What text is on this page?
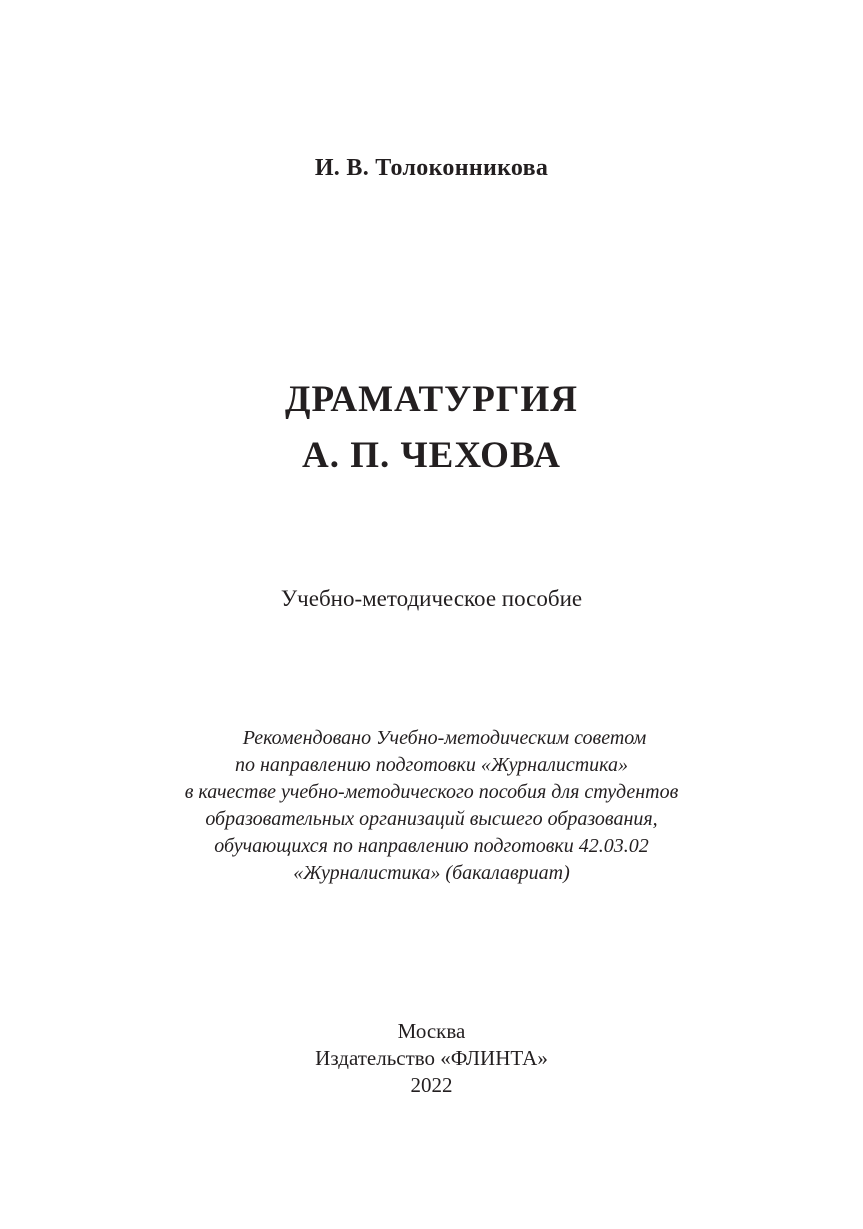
И. В. Толоконникова

ДРАМАТУРГИЯ
А. П. ЧЕХОВА

Учебно-методическое пособие

Рекомендовано Учебно-методическим советом
по направлению подготовки «Журналистика»
в качестве учебно-методического пособия для студентов
образовательных организаций высшего образования,
обучающихся по направлению подготовки 42.03.02
«Журналистика» (бакалавриат)
Москва
Издательство «ФЛИНТА»
2022
